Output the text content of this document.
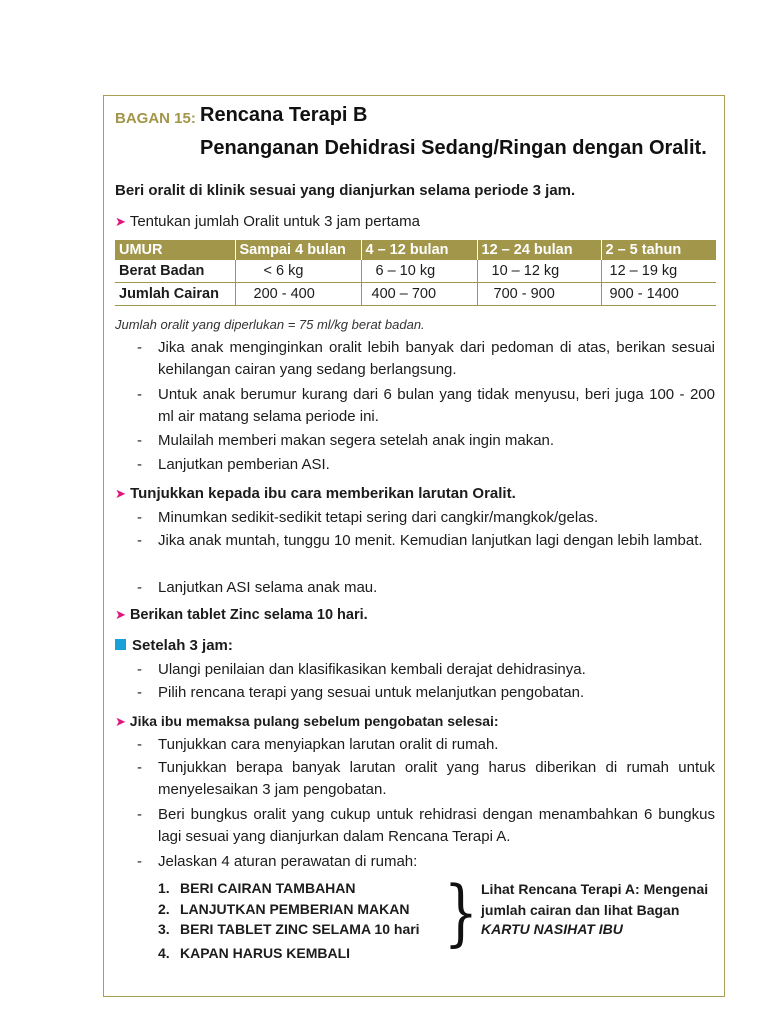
BAGAN 15: Rencana Terapi B
Penanganan Dehidrasi Sedang/Ringan dengan Oralit.
Beri oralit di klinik sesuai yang dianjurkan selama periode 3 jam.
➤ Tentukan jumlah Oralit untuk 3 jam pertama
UMUR	Sampai 4 bulan	4 – 12 bulan	12 – 24 bulan	2 – 5 tahun
Berat Badan	< 6 kg	6 – 10 kg	10 – 12 kg	12 – 19 kg
Jumlah Cairan	200 - 400	400 – 700	700 - 900	900 - 1400
Jumlah oralit yang diperlukan = 75 ml/kg berat badan.
- Jika anak menginginkan oralit lebih banyak dari pedoman di atas, berikan sesuai kehilangan cairan yang sedang berlangsung.
- Untuk anak berumur kurang dari 6 bulan yang tidak menyusu, beri juga 100 - 200 ml air matang selama periode ini.
- Mulailah memberi makan segera setelah anak ingin makan.
- Lanjutkan pemberian ASI.
➤ Tunjukkan kepada ibu cara memberikan larutan Oralit.
- Minumkan sedikit-sedikit tetapi sering dari cangkir/mangkok/gelas.
- Jika anak muntah, tunggu 10 menit. Kemudian lanjutkan lagi dengan lebih lambat.
- Lanjutkan ASI selama anak mau.
➤ Berikan tablet Zinc selama 10 hari.
Setelah 3 jam:
- Ulangi penilaian dan klasifikasikan kembali derajat dehidrasinya.
- Pilih rencana terapi yang sesuai untuk melanjutkan pengobatan.
➤ Jika ibu memaksa pulang sebelum pengobatan selesai:
- Tunjukkan cara menyiapkan larutan oralit di rumah.
- Tunjukkan berapa banyak larutan oralit yang harus diberikan di rumah untuk menyelesaikan 3 jam pengobatan.
- Beri bungkus oralit yang cukup untuk rehidrasi dengan menambahkan 6 bungkus lagi sesuai yang dianjurkan dalam Rencana Terapi A.
- Jelaskan 4 aturan perawatan di rumah:
1. BERI CAIRAN TAMBAHAN
2. LANJUTKAN PEMBERIAN MAKAN
3. BERI TABLET ZINC SELAMA 10 hari
4. KAPAN HARUS KEMBALI } Lihat Rencana Terapi A: Mengenai
jumlah cairan dan lihat Bagan
KARTU NASIHAT IBU
